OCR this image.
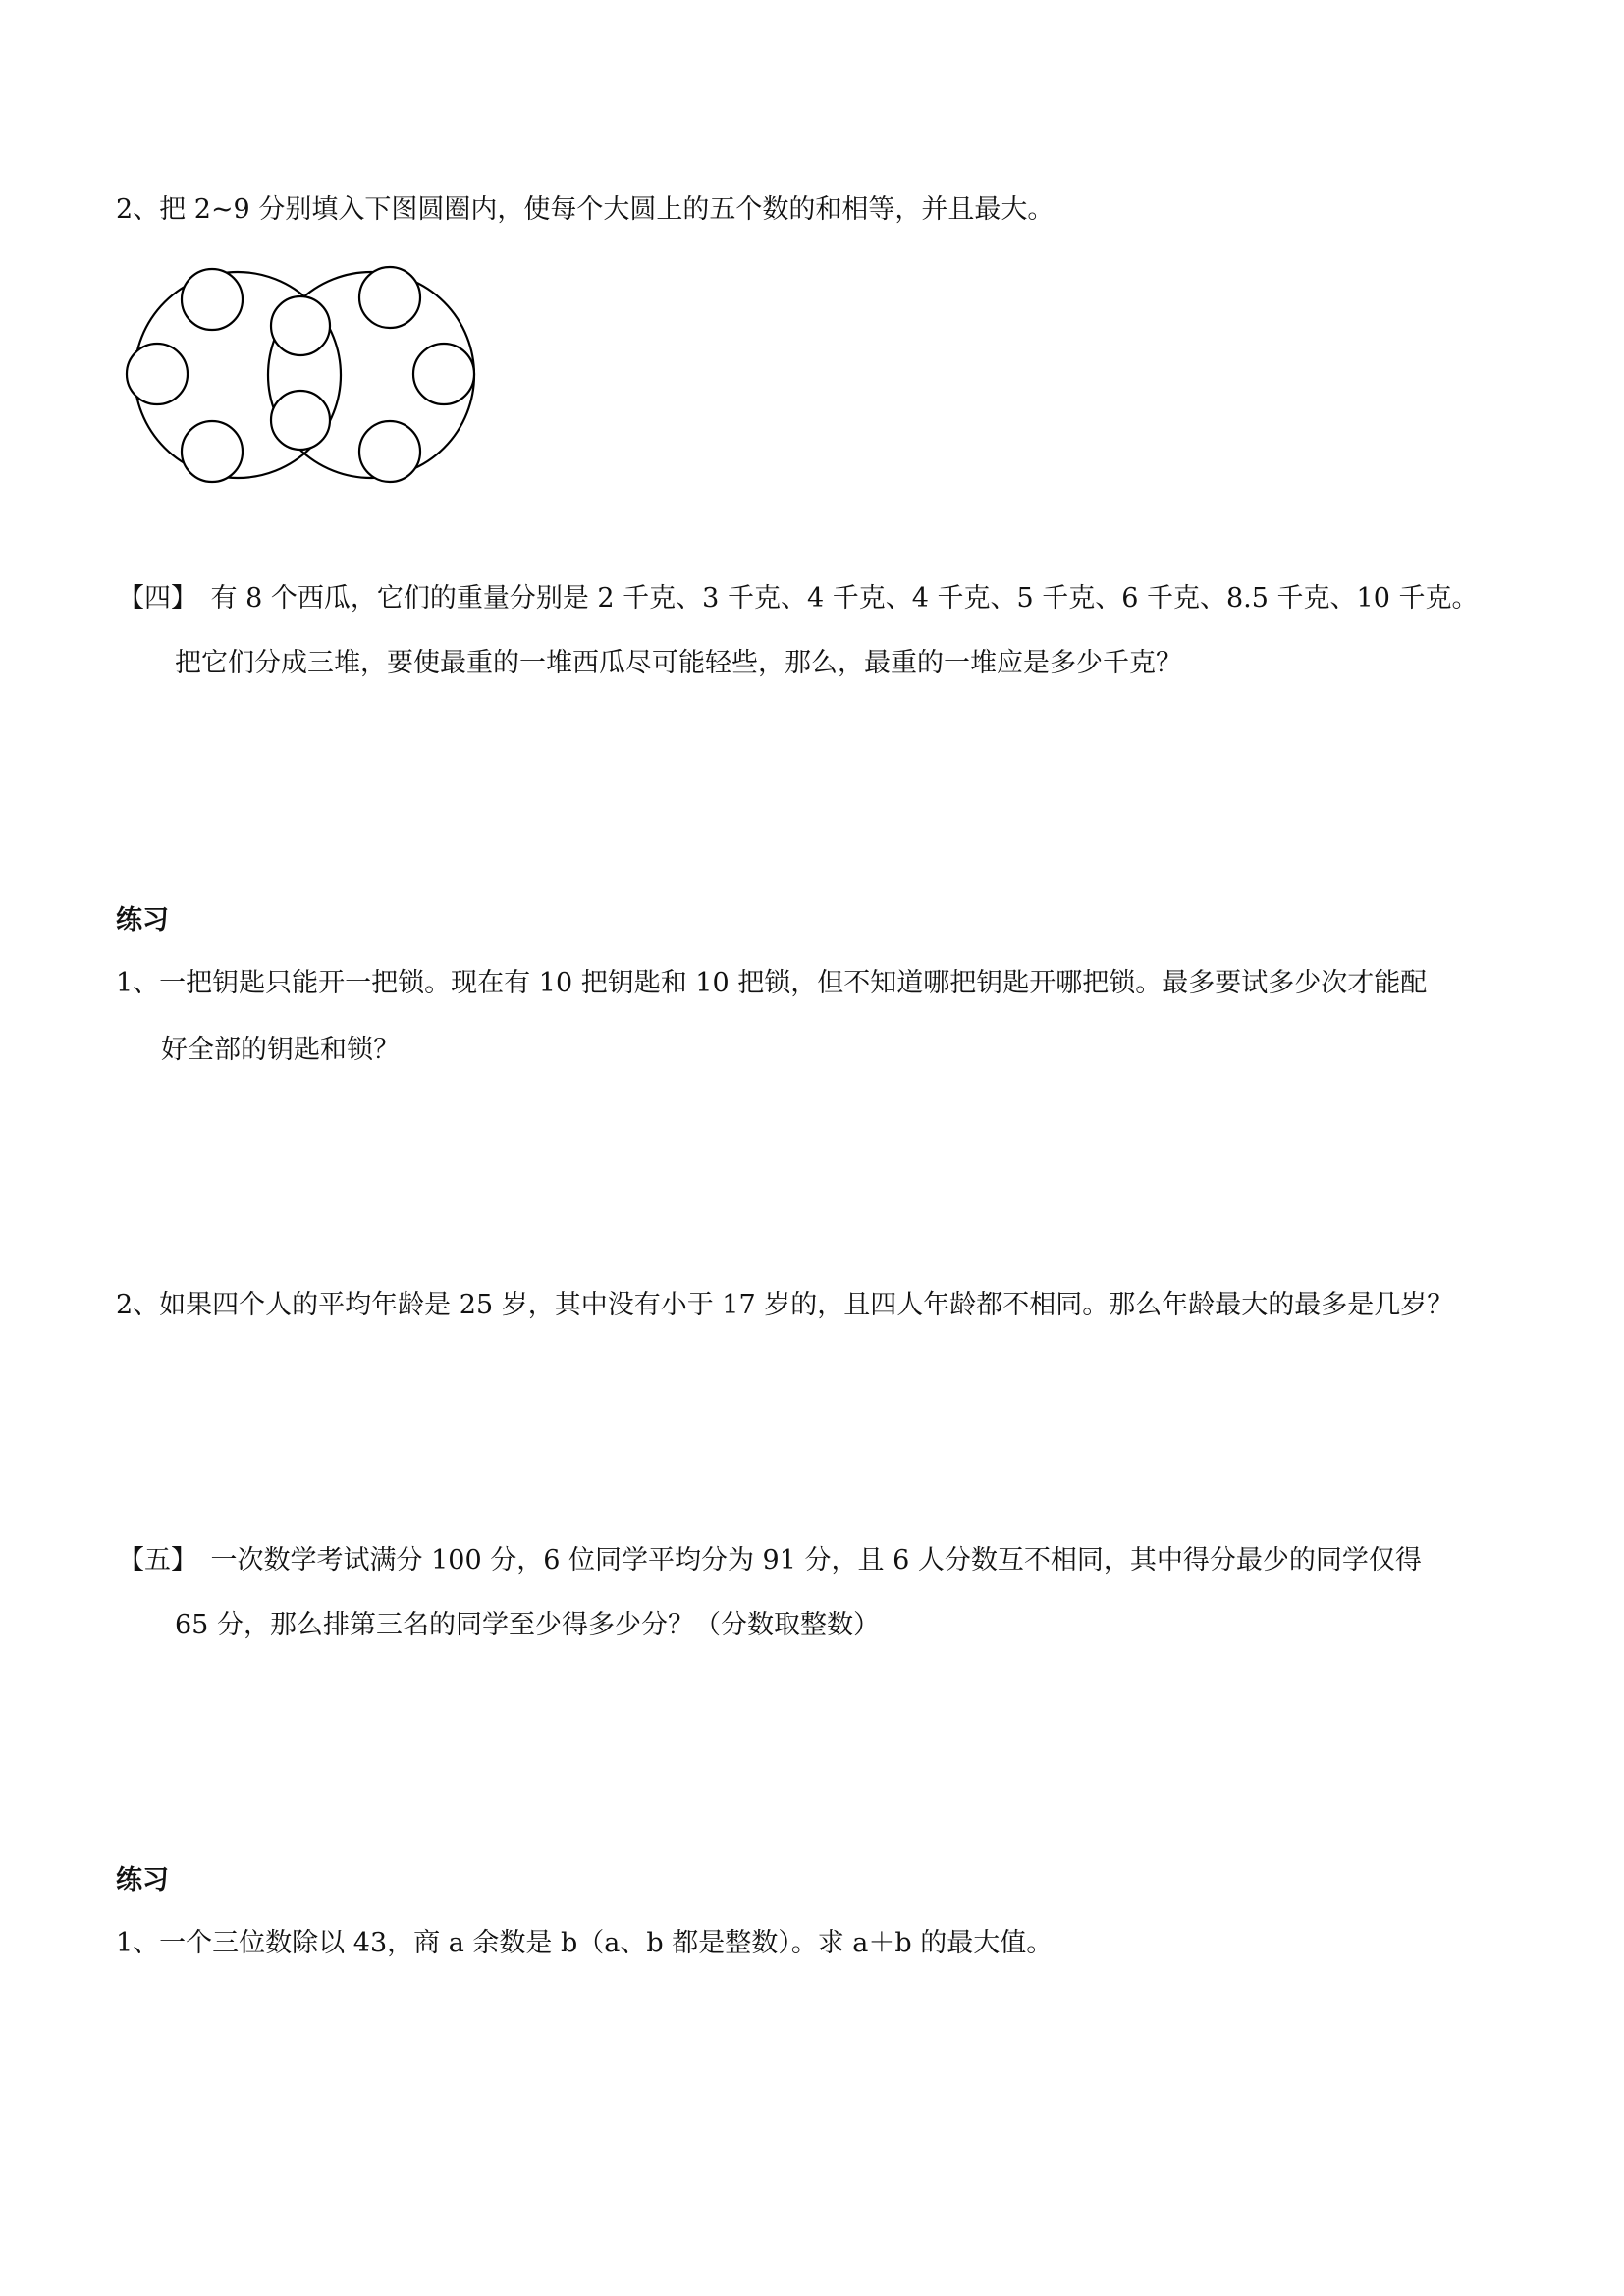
2、把 2~9 分别填入下图圆圈内，使每个大圆上的五个数的和相等，并且最大。
【四】　有 8 个西瓜，它们的重量分别是 2 千克、3 千克、4 千克、4 千克、5 千克、6 千克、8.5 千克、10 千克。
把它们分成三堆，要使最重的一堆西瓜尽可能轻些，那么，最重的一堆应是多少千克？
练习
1、一把钥匙只能开一把锁。现在有 10 把钥匙和 10 把锁，但不知道哪把钥匙开哪把锁。最多要试多少次才能配
好全部的钥匙和锁？
2、如果四个人的平均年龄是 25 岁，其中没有小于 17 岁的，且四人年龄都不相同。那么年龄最大的最多是几岁？
【五】　一次数学考试满分 100 分，6 位同学平均分为 91 分，且 6 人分数互不相同，其中得分最少的同学仅得
65 分，那么排第三名的同学至少得多少分？（分数取整数）
练习
1、一个三位数除以 43，商 a 余数是 b（a、b 都是整数）。求 a＋b 的最大值。
